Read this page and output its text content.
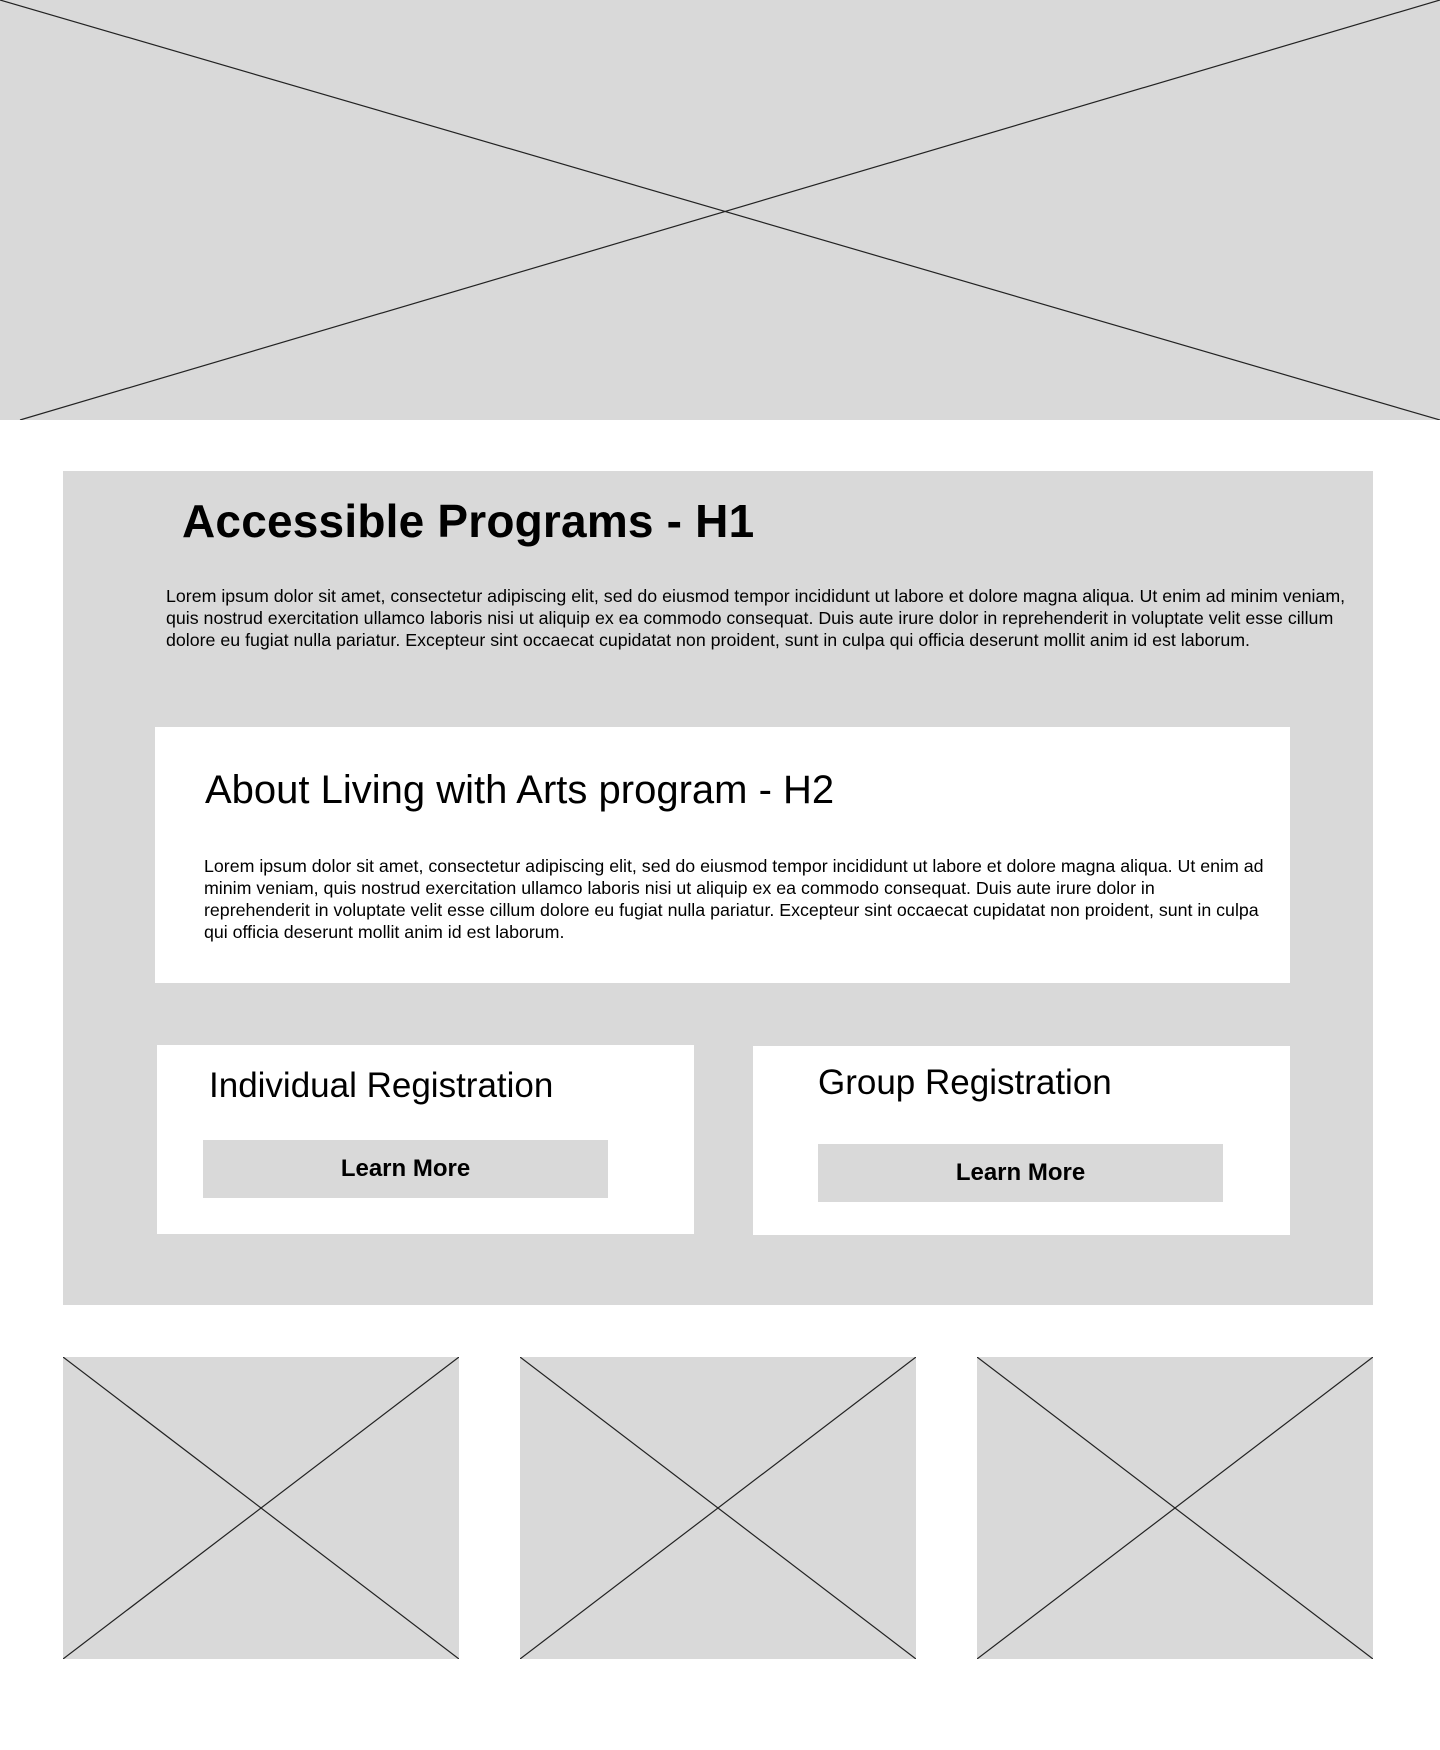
Accessible Programs - H1

Lorem ipsum dolor sit amet, consectetur adipiscing elit, sed do eiusmod tempor incididunt ut labore et dolore magna aliqua. Ut enim ad minim veniam, quis nostrud exercitation ullamco laboris nisi ut aliquip ex ea commodo consequat. Duis aute irure dolor in reprehenderit in voluptate velit esse cillum dolore eu fugiat nulla pariatur. Excepteur sint occaecat cupidatat non proident, sunt in culpa qui officia deserunt mollit anim id est laborum.

About Living with Arts program - H2

Lorem ipsum dolor sit amet, consectetur adipiscing elit, sed do eiusmod tempor incididunt ut labore et dolore magna aliqua. Ut enim ad minim veniam, quis nostrud exercitation ullamco laboris nisi ut aliquip ex ea commodo consequat. Duis aute irure dolor in reprehenderit in voluptate velit esse cillum dolore eu fugiat nulla pariatur. Excepteur sint occaecat cupidatat non proident, sunt in culpa qui officia deserunt mollit anim id est laborum.

Individual Registration
Learn More
Group Registration
Learn More
